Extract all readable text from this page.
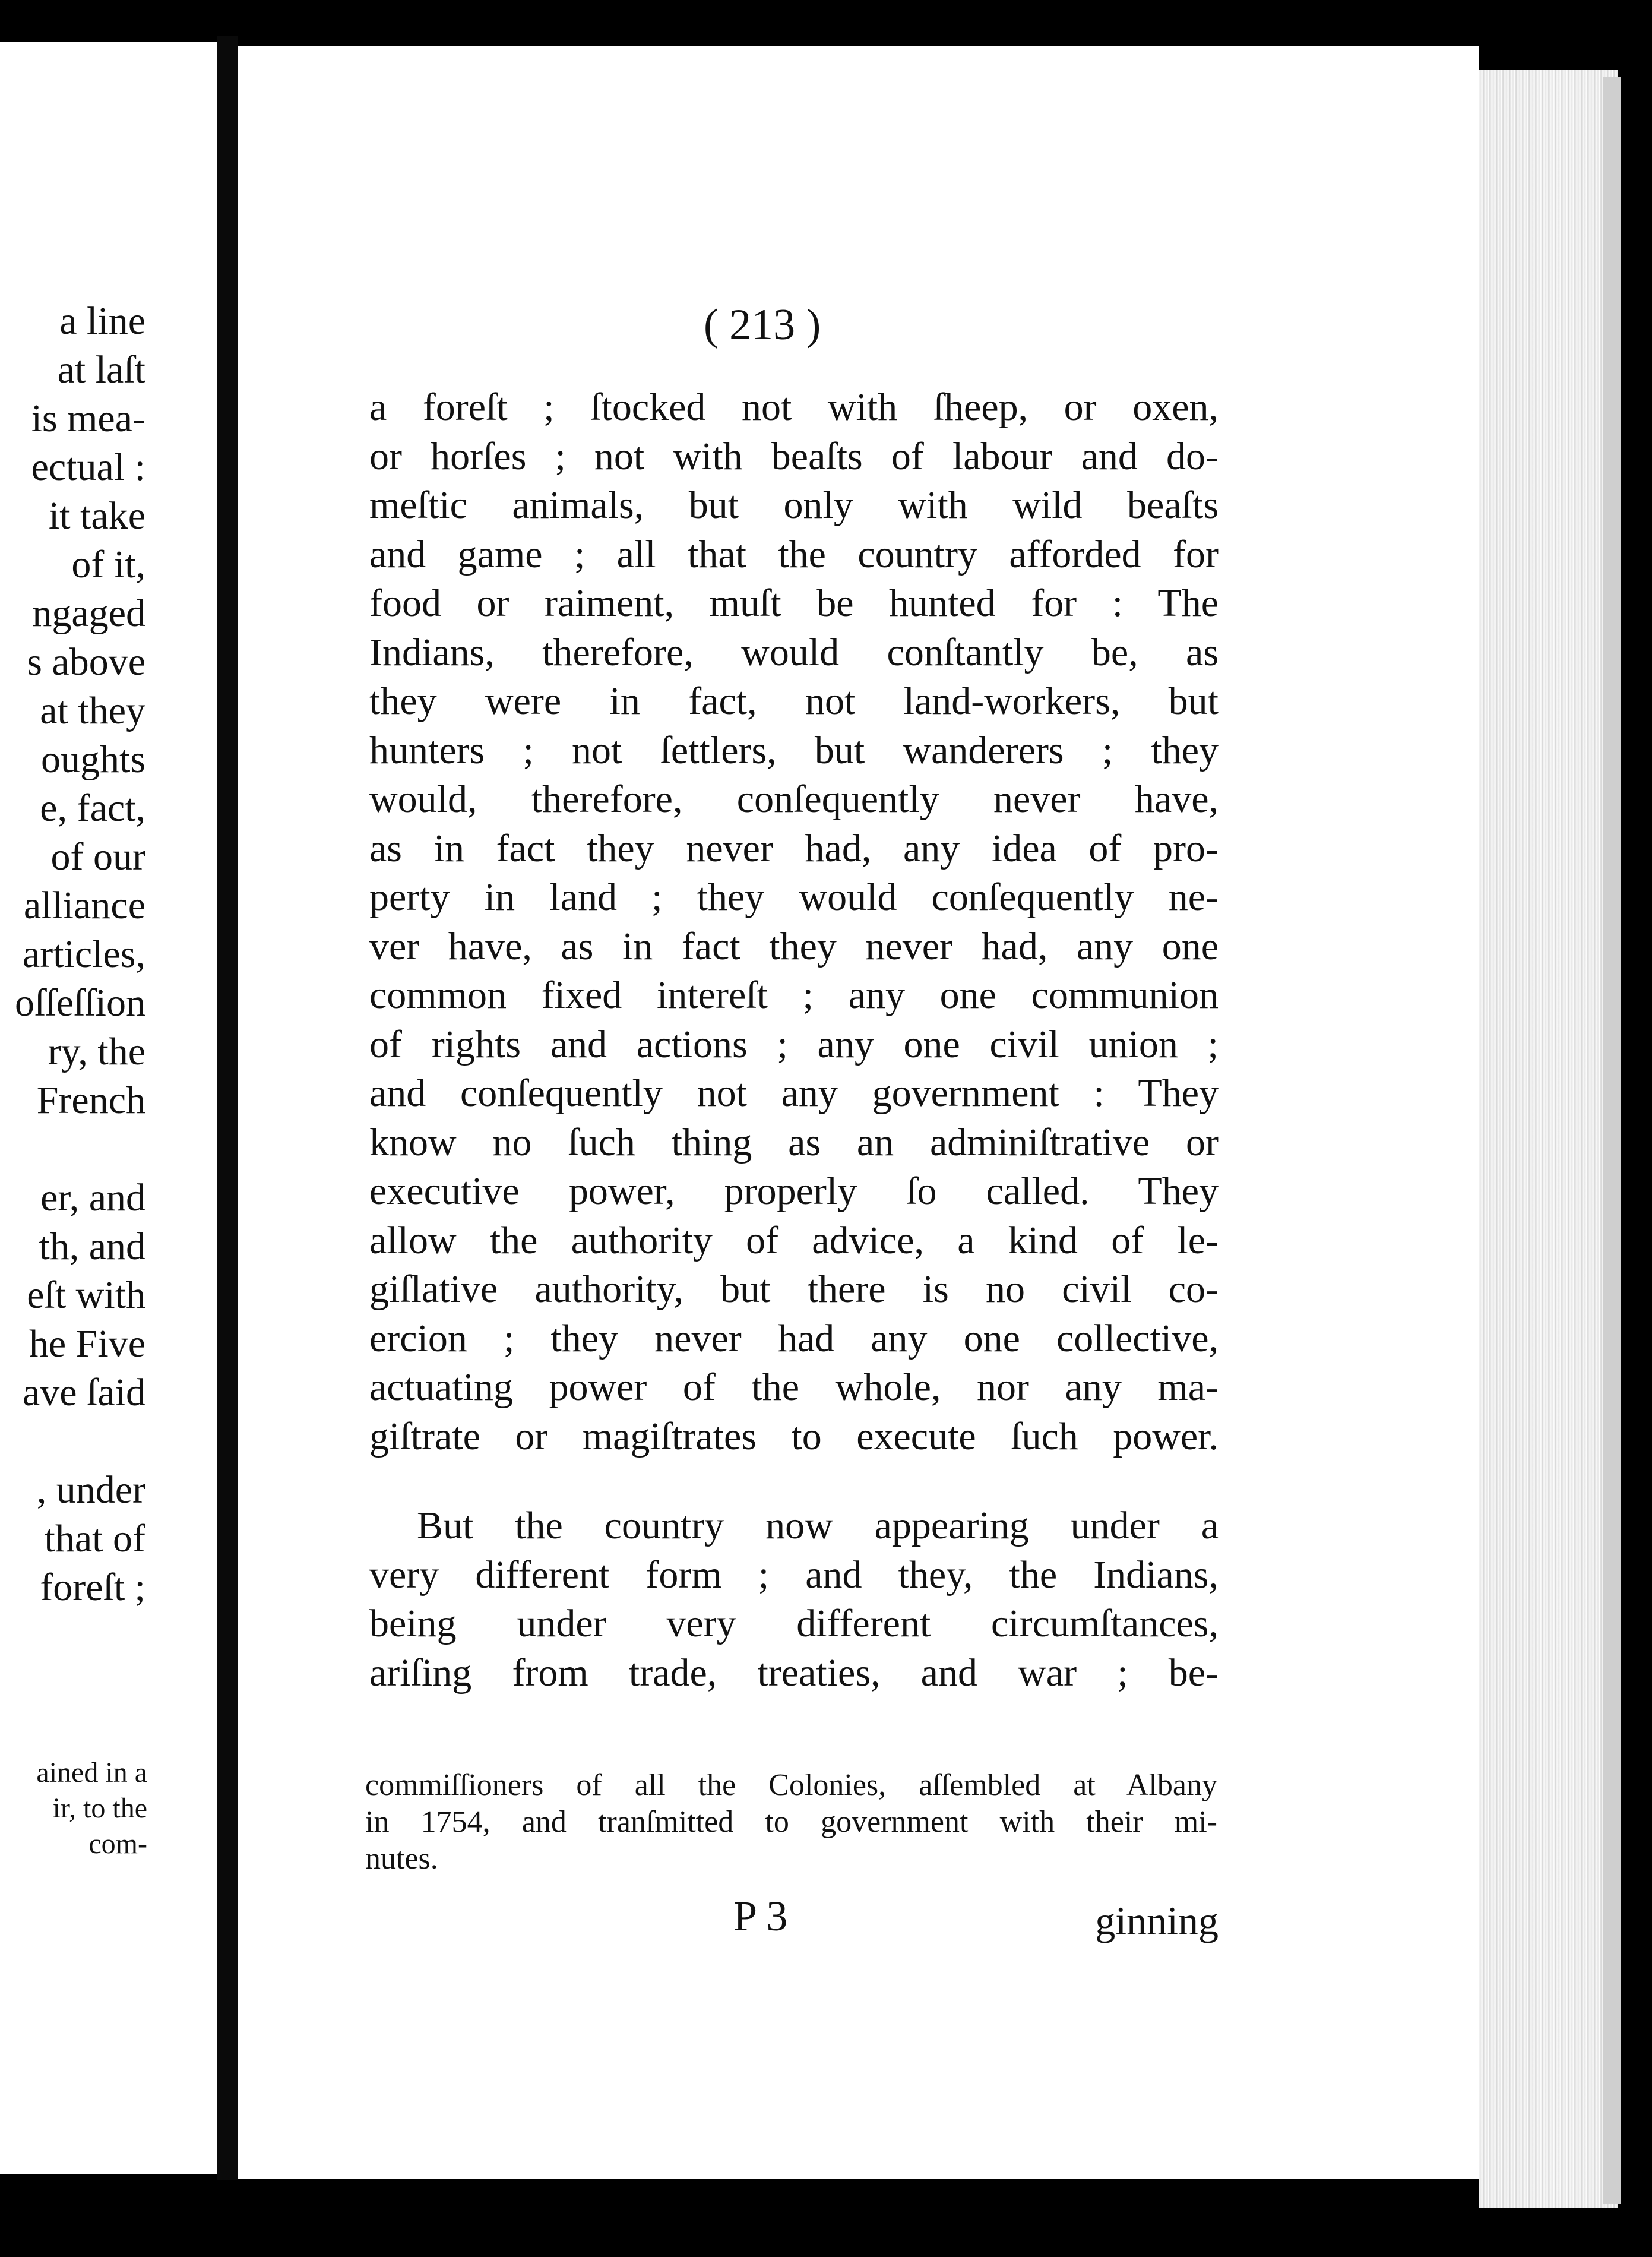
a line
at laſt
is mea-
ectual :
it take
of it,
ngaged
s above
at they
oughts
e, fact,
of our
alliance
articles,
oſſeſſion
ry, the
French
er, and
th, and
eſt with
he Five
ave ſaid
, under
that of
foreſt ;
ained in a
ir, to the
com-
( 213 )
a foreſt ; ſtocked not with ſheep, or oxen,
or horſes ; not with beaſts of labour and do-
meſtic animals, but only with wild beaſts
and game ; all that the country afforded for
food or raiment, muſt be hunted for : The
Indians, therefore, would conſtantly be, as
they were in fact, not land-workers, but
hunters ; not ſettlers, but wanderers ; they
would, therefore, conſequently never have,
as in fact they never had, any idea of pro-
perty in land ; they would conſequently ne-
ver have, as in fact they never had, any one
common fixed intereſt ; any one communion
of rights and actions ; any one civil union ;
and conſequently not any government : They
know no ſuch thing as an adminiſtrative or
executive power, properly ſo called. They
allow the authority of advice, a kind of le-
giſlative authority, but there is no civil co-
ercion ; they never had any one collective,
actuating power of the whole, nor any ma-
giſtrate or magiſtrates to execute ſuch power.
But the country now appearing under a
very different form ; and they, the Indians,
being under very different circumſtances,
ariſing from trade, treaties, and war ; be-
commiſſioners of all the Colonies, aſſembled at Albany
in 1754, and tranſmitted to government with their mi-
nutes.
P 3	ginning
